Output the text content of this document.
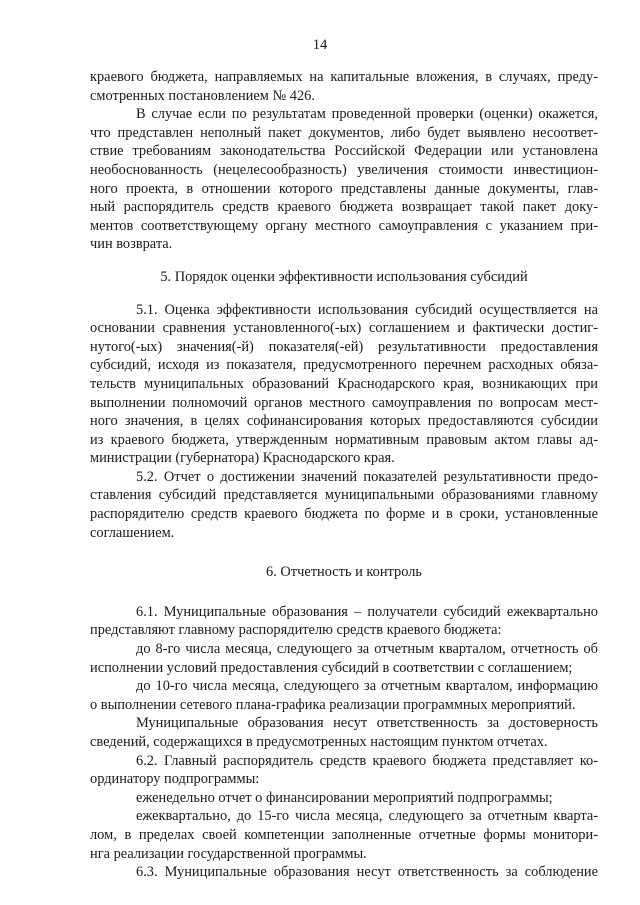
14
краевого бюджета, направляемых на капитальные вложения, в случаях, преду-
смотренных постановлением № 426.
В случае если по результатам проведенной проверки (оценки) окажется,
что представлен неполный пакет документов, либо будет выявлено несоответ-
ствие требованиям законодательства Российской Федерации или установлена
необоснованность (нецелесообразность) увеличения стоимости инвестицион-
ного проекта, в отношении которого представлены данные документы, глав-
ный распорядитель средств краевого бюджета возвращает такой пакет доку-
ментов соответствующему органу местного самоуправления с указанием при-
чин возврата.
5. Порядок оценки эффективности использования субсидий
5.1. Оценка эффективности использования субсидий осуществляется на
основании сравнения установленного(-ых) соглашением и фактически достиг-
нутого(-ых) значения(-й) показателя(-ей) результативности предоставления
субсидий, исходя из показателя, предусмотренного перечнем расходных обяза-
тельств муниципальных образований Краснодарского края, возникающих при
выполнении полномочий органов местного самоуправления по вопросам мест-
ного значения, в целях софинансирования которых предоставляются субсидии
из краевого бюджета, утвержденным нормативным правовым актом главы ад-
министрации (губернатора) Краснодарского края.
5.2. Отчет о достижении значений показателей результативности предо-
ставления субсидий представляется муниципальными образованиями главному
распорядителю средств краевого бюджета по форме и в сроки, установленные
соглашением.
6. Отчетность и контроль
6.1. Муниципальные образования – получатели субсидий ежеквартально
представляют главному распорядителю средств краевого бюджета:
до 8-го числа месяца, следующего за отчетным кварталом, отчетность об
исполнении условий предоставления субсидий в соответствии с соглашением;
до 10-го числа месяца, следующего за отчетным кварталом, информацию
о выполнении сетевого плана-графика реализации программных мероприятий.
Муниципальные образования несут ответственность за достоверность
сведений, содержащихся в предусмотренных настоящим пунктом отчетах.
6.2. Главный распорядитель средств краевого бюджета представляет ко-
ординатору подпрограммы:
еженедельно отчет о финансировании мероприятий подпрограммы;
ежеквартально, до 15-го числа месяца, следующего за отчетным кварта-
лом, в пределах своей компетенции заполненные отчетные формы монитори-
нга реализации государственной программы.
6.3. Муниципальные образования несут ответственность за соблюдение
